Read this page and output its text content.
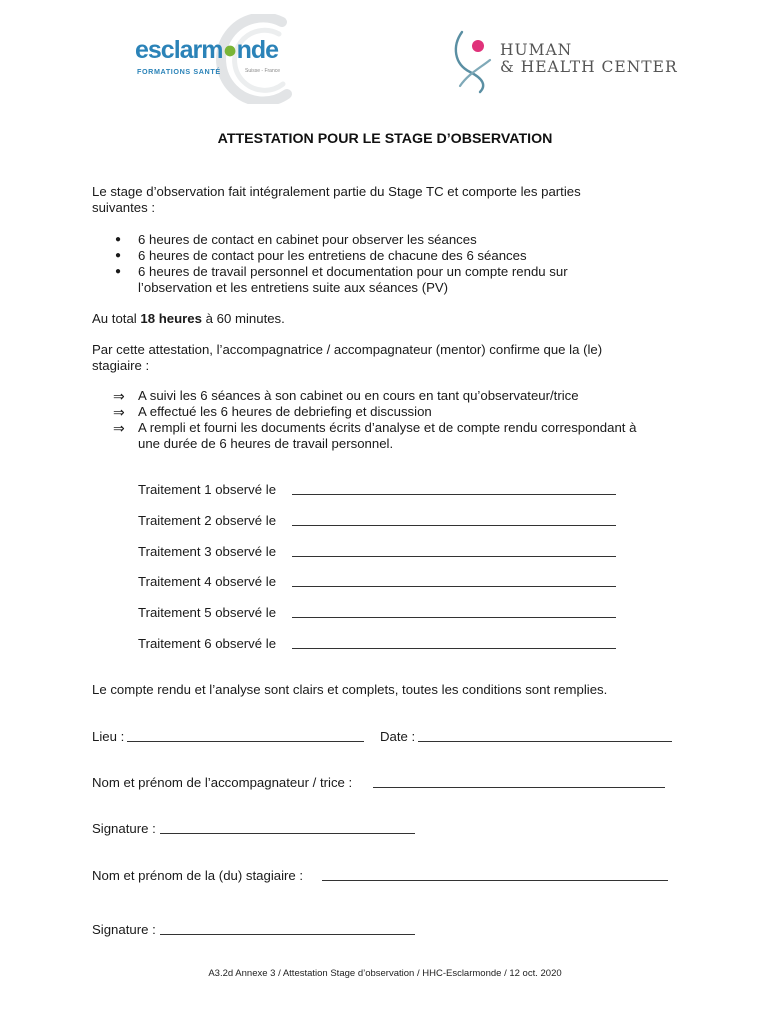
esclarm●nde
FORMATIONS SANTÉ	Suisse - France
HUMAN
& HEALTH CENTER
ATTESTATION POUR LE STAGE D’OBSERVATION
Le stage d’observation fait intégralement partie du Stage TC et comporte les parties
suivantes :
● 6 heures de contact en cabinet pour observer les séances
● 6 heures de contact pour les entretiens de chacune des 6 séances
● 6 heures de travail personnel et documentation pour un compte rendu sur
l’observation et les entretiens suite aux séances (PV)
Au total 18 heures à 60 minutes.
Par cette attestation, l’accompagnatrice / accompagnateur (mentor) confirme que la (le)
stagiaire :
⇒ A suivi les 6 séances à son cabinet ou en cours en tant qu’observateur/trice
⇒ A effectué les 6 heures de debriefing et discussion
⇒ A rempli et fourni les documents écrits d’analyse et de compte rendu correspondant à
une durée de 6 heures de travail personnel.
Traitement 1 observé le
Traitement 2 observé le
Traitement 3 observé le
Traitement 4 observé le
Traitement 5 observé le
Traitement 6 observé le
Le compte rendu et l’analyse sont clairs et complets, toutes les conditions sont remplies.
Lieu :	Date :
Nom et prénom de l’accompagnateur / trice :
Signature :
Nom et prénom de la (du) stagiaire :
Signature :
A3.2d Annexe 3 / Attestation Stage d’observation / HHC-Esclarmonde / 12 oct. 2020
